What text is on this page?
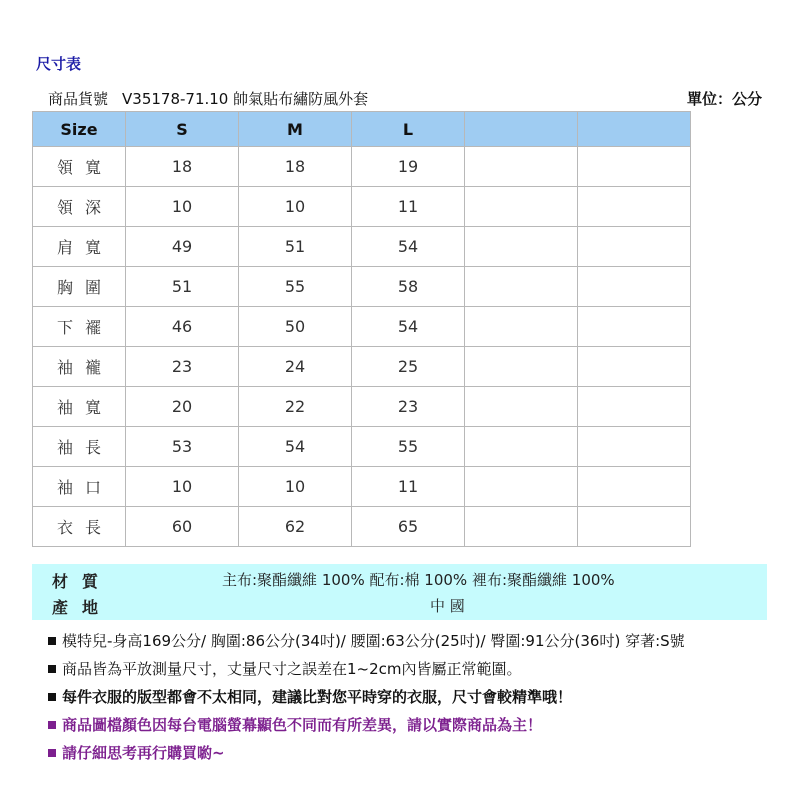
尺寸表
商品貨號 V35178-71.10 帥氣貼布繡防風外套	單位：公分
Size	S	M	L		
領寬	18	18	19		
領深	10	10	11		
肩寬	49	51	54		
胸圍	51	55	58		
下襬	46	50	54		
袖襱	23	24	25		
袖寬	20	22	23		
袖長	53	54	55		
袖口	10	10	11		
衣長	60	62	65		
材質	主布:聚酯纖維 100% 配布:棉 100% 裡布:聚酯纖維 100%
產地	中 國
模特兒-身高169公分/ 胸圍:86公分(34吋)/ 腰圍:63公分(25吋)/ 臀圍:91公分(36吋) 穿著:S號
商品皆為平放測量尺寸，丈量尺寸之誤差在1~2cm內皆屬正常範圍。
每件衣服的版型都會不太相同，建議比對您平時穿的衣服，尺寸會較精準哦！
商品圖檔顏色因每台電腦螢幕顯色不同而有所差異，請以實際商品為主！
請仔細思考再行購買喲~
